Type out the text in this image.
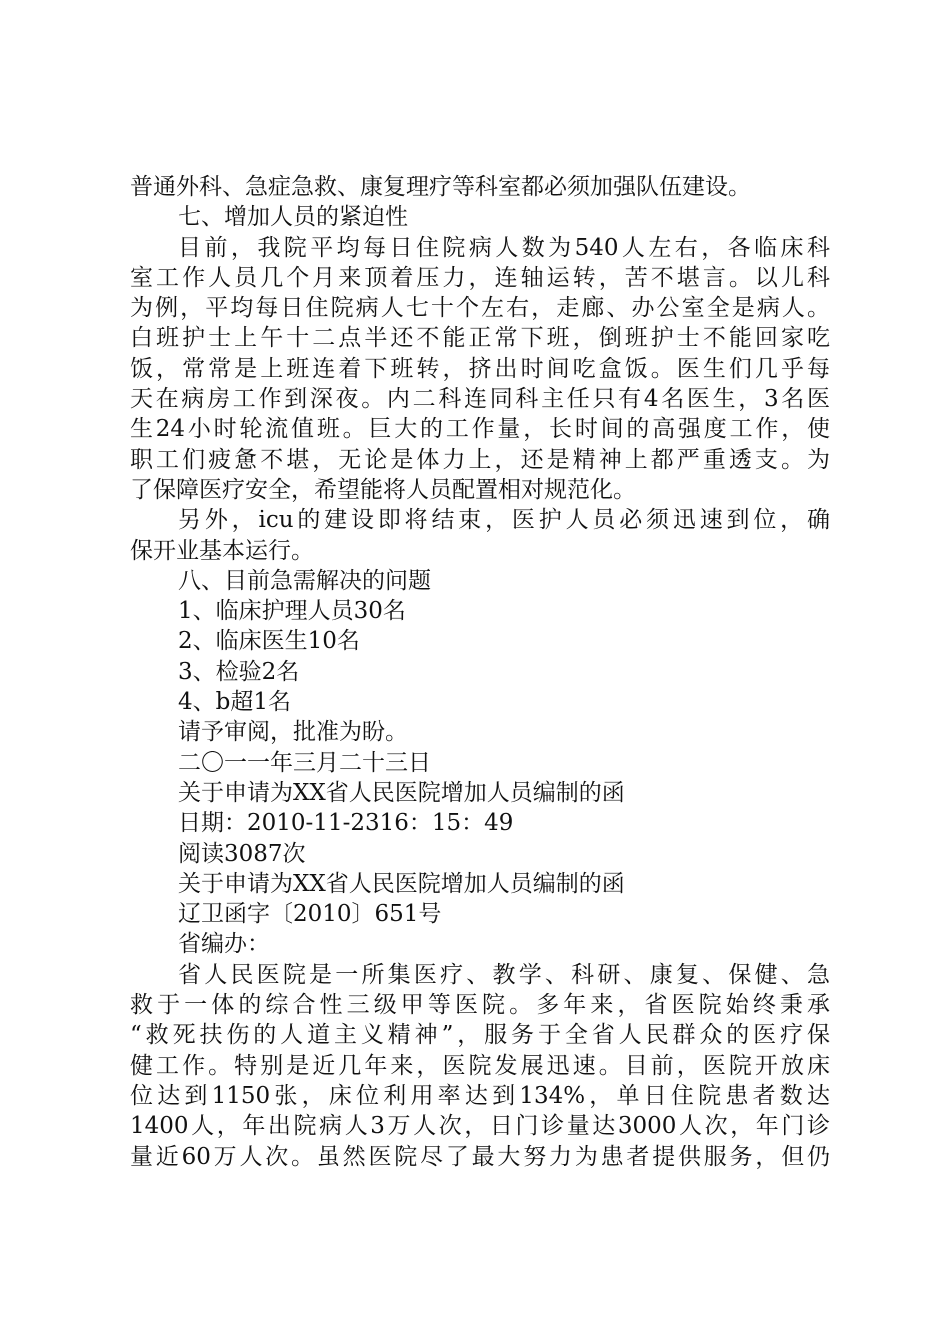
普通外科、急症急救、康复理疗等科室都必须加强队伍建设。
七、增加人员的紧迫性
目前，我院平均每日住院病人数为540人左右，各临床科
室工作人员几个月来顶着压力，连轴运转，苦不堪言。以儿科
为例，平均每日住院病人七十个左右，走廊、办公室全是病人。
白班护士上午十二点半还不能正常下班，倒班护士不能回家吃
饭，常常是上班连着下班转，挤出时间吃盒饭。医生们几乎每
天在病房工作到深夜。内二科连同科主任只有4名医生，3名医
生24小时轮流值班。巨大的工作量，长时间的高强度工作，使
职工们疲惫不堪，无论是体力上，还是精神上都严重透支。为
了保障医疗安全，希望能将人员配置相对规范化。
另外，icu的建设即将结束，医护人员必须迅速到位，确
保开业基本运行。
八、目前急需解决的问题
1、临床护理人员30名
2、临床医生10名
3、检验2名
4、b超1名
请予审阅，批准为盼。
二〇一一年三月二十三日
关于申请为XX省人民医院增加人员编制的函
日期：2010-11-2316：15：49
阅读3087次
关于申请为XX省人民医院增加人员编制的函
辽卫函字〔2010〕651号
省编办：
省人民医院是一所集医疗、教学、科研、康复、保健、急
救于一体的综合性三级甲等医院。多年来，省医院始终秉承
“救死扶伤的人道主义精神”，服务于全省人民群众的医疗保
健工作。特别是近几年来，医院发展迅速。目前，医院开放床
位达到1150张，床位利用率达到134%，单日住院患者数达
1400人，年出院病人3万人次，日门诊量达3000人次，年门诊
量近60万人次。虽然医院尽了最大努力为患者提供服务，但仍
